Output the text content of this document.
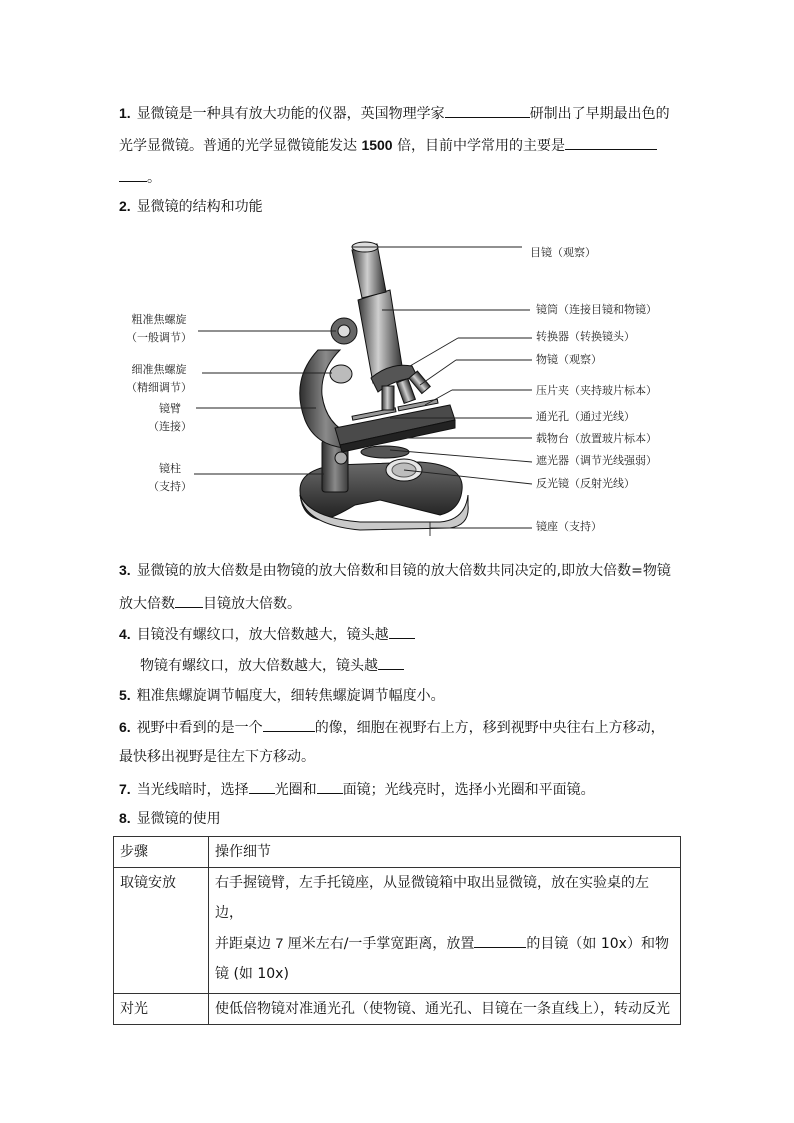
1. 显微镜是一种具有放大功能的仪器，英国物理学家	研制出了早期最出色的
光学显微镜。普通的光学显微镜能发达 1500 倍，目前中学常用的主要是
。
2. 显微镜的结构和功能
目镜（观察）
镜筒（连接目镜和物镜）
转换器（转换镜头）
物镜（观察）
压片夹（夹持玻片标本）
通光孔（通过光线）
载物台（放置玻片标本）
遮光器（调节光线强弱）
反光镜（反射光线）
镜座（支持）
粗准焦螺旋
（一般调节）
细准焦螺旋
（精细调节）
镜臂
（连接）
镜柱
（支持）
3. 显微镜的放大倍数是由物镜的放大倍数和目镜的放大倍数共同决定的,即放大倍数=物镜
放大倍数 目镜放大倍数。
4. 目镜没有螺纹口，放大倍数越大，镜头越
物镜有螺纹口，放大倍数越大，镜头越
5. 粗准焦螺旋调节幅度大，细转焦螺旋调节幅度小。
6. 视野中看到的是一个	的像，细胞在视野右上方，移到视野中央往右上方移动，
最快移出视野是往左下方移动。
7. 当光线暗时，选择 光圈和 面镜；光线亮时，选择小光圈和平面镜。
8. 显微镜的使用
步骤	操作细节
取镜安放	右手握镜臂，左手托镜座，从显微镜箱中取出显微镜，放在实验桌的左边，
并距桌边 7 厘米左右/一手掌宽距离，放置 的目镜（如 10x）和物
镜 (如 10x)

对光	使低倍物镜对准通光孔（使物镜、通光孔、目镜在一条直线上），转动反光
